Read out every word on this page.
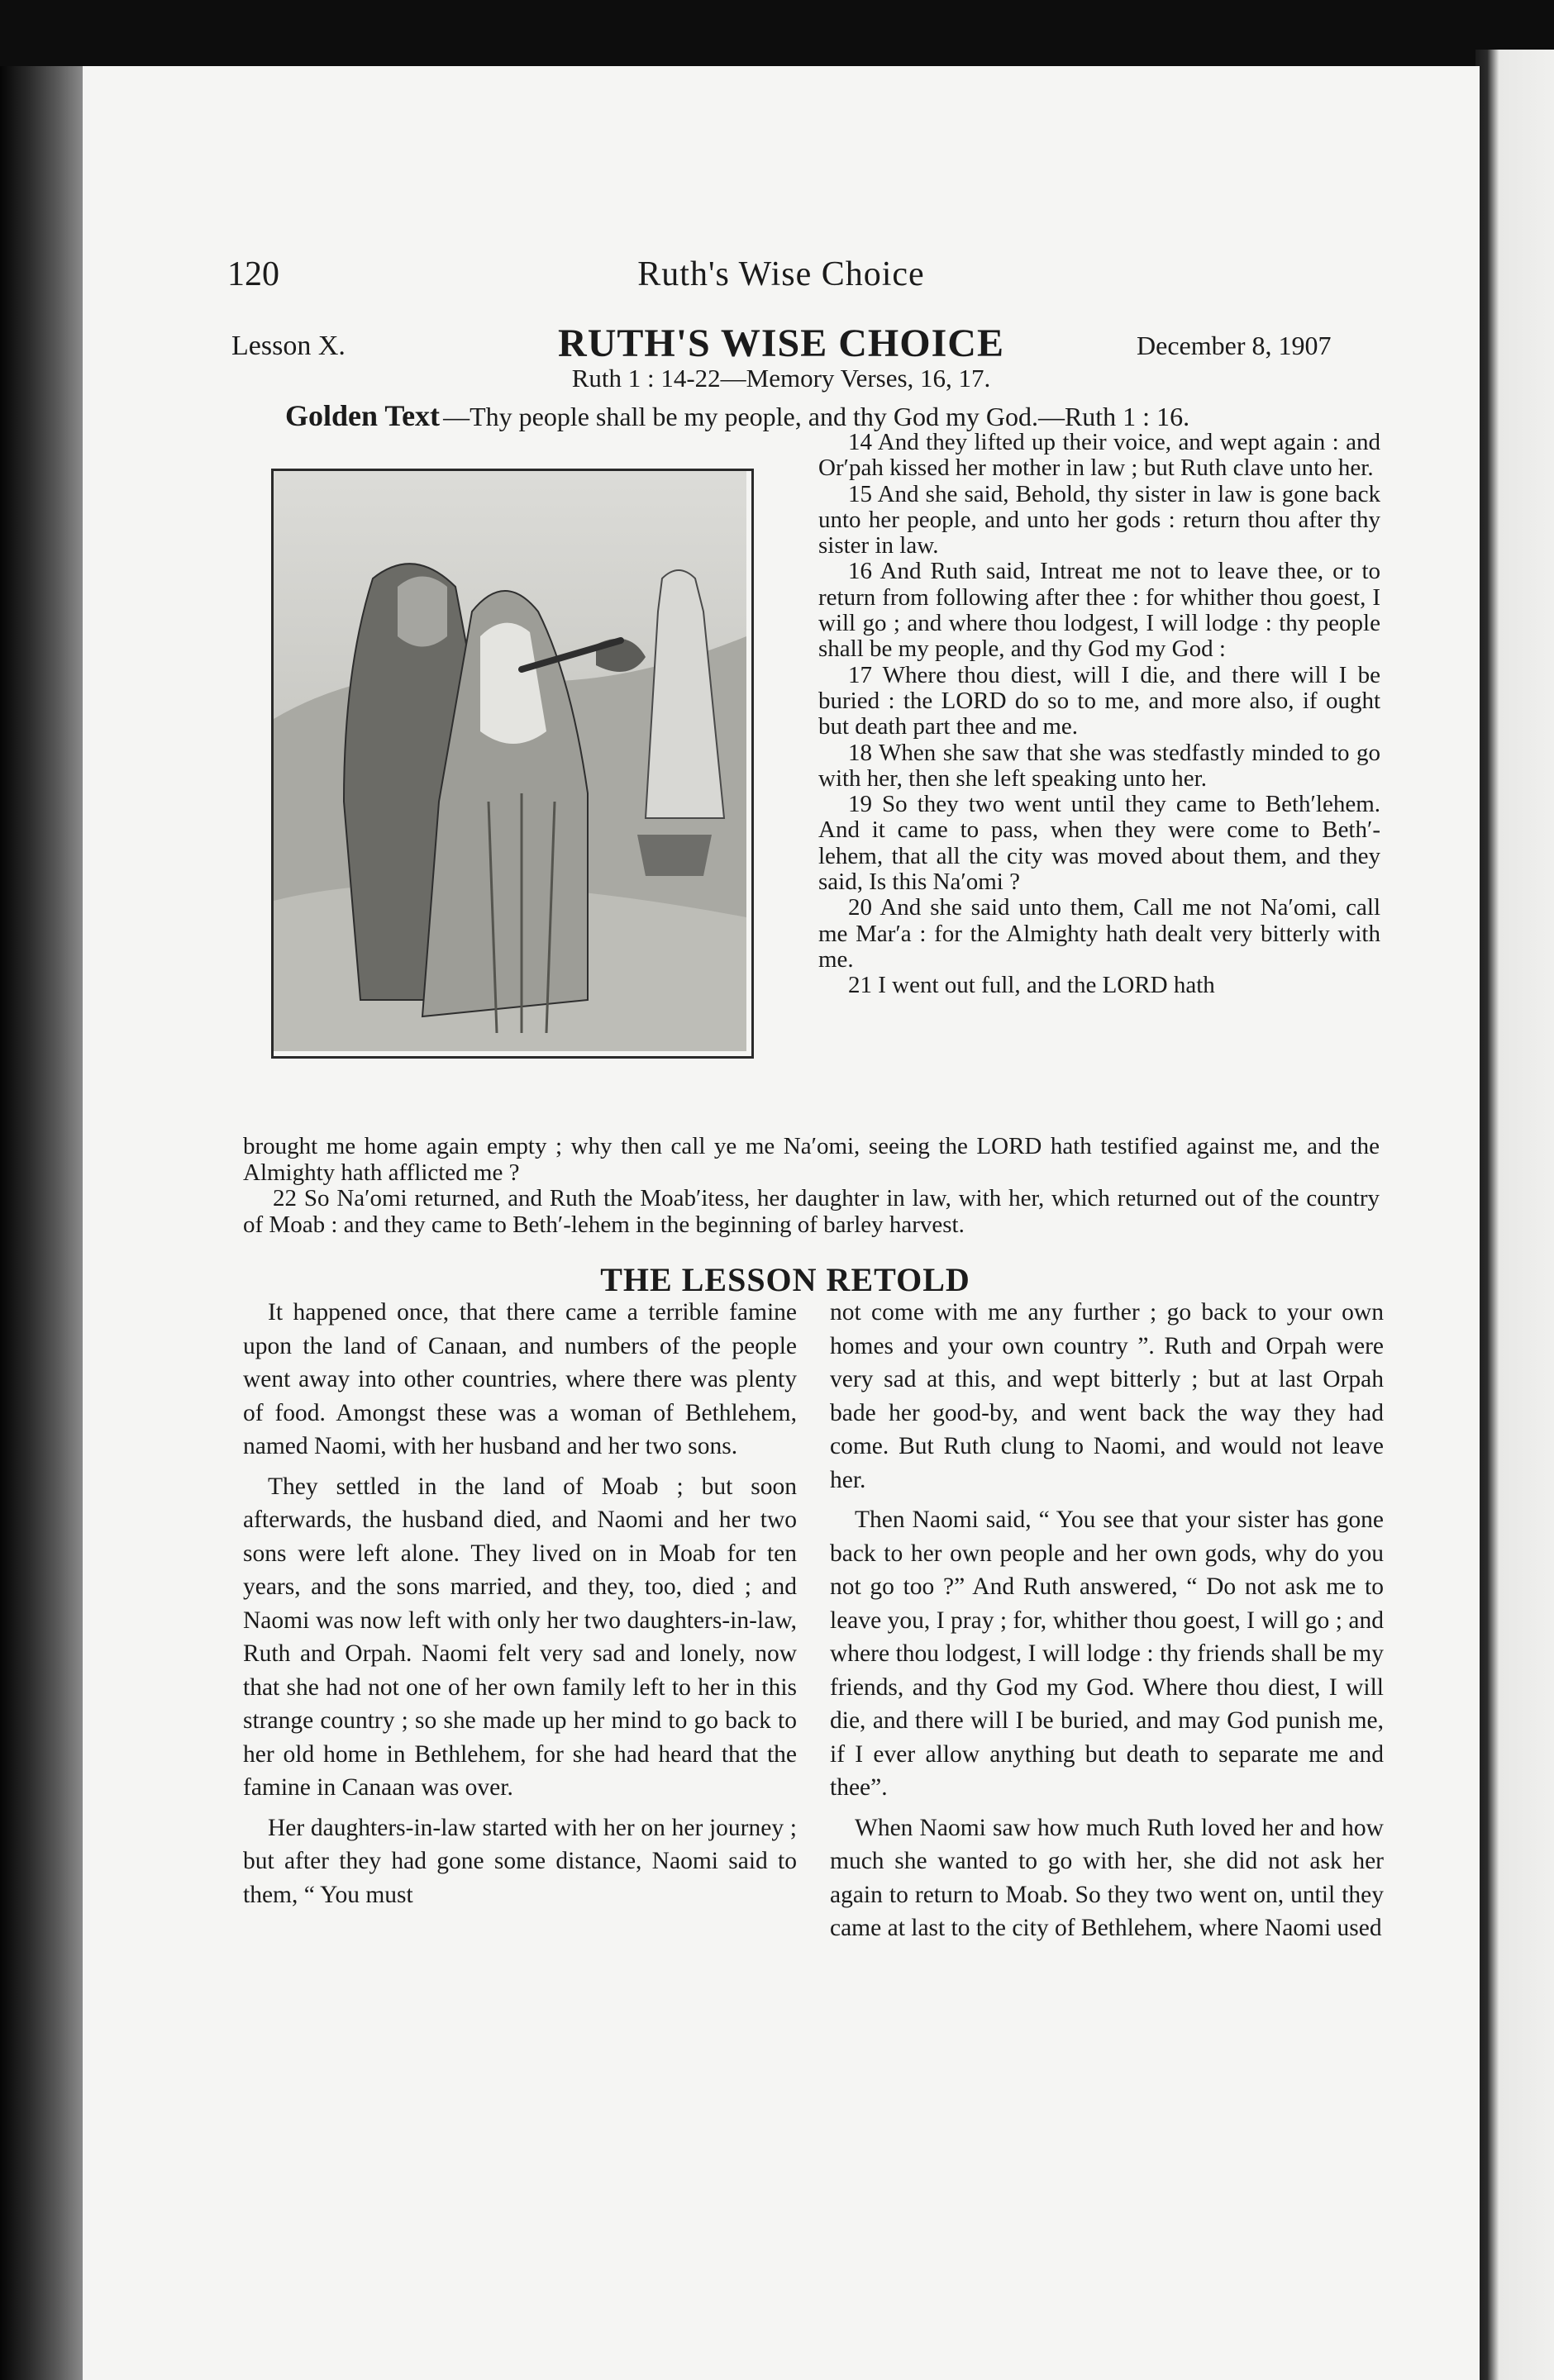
120	Ruth's Wise Choice
Lesson X.	RUTH'S WISE CHOICE	December 8, 1907
Ruth 1 : 14-22—Memory Verses, 16, 17.
Golden Text —Thy people shall be my people, and thy God my God.—Ruth 1 : 16.

14 And they lifted up their voice, and wept again : and Or′pah kissed her mother in law ; but Ruth clave unto her.

15 And she said, Behold, thy sister in law is gone back unto her people, and unto her gods : return thou after thy sister in law.

16 And Ruth said, Intreat me not to leave thee, or to return from following after thee : for whither thou goest, I will go ; and where thou lodgest, I will lodge : thy people shall be my people, and thy God my God :

17 Where thou diest, will I die, and there will I be buried : the LORD do so to me, and more also, if ought but death part thee and me.

18 When she saw that she was stedfastly minded to go with her, then she left speaking unto her.

19 So they two went until they came to Beth′lehem. And it came to pass, when they were come to Beth′-lehem, that all the city was moved about them, and they said, Is this Na′omi ?

20 And she said unto them, Call me not Na′omi, call me Mar′a : for the Almighty hath dealt very bitterly with me.

21 I went out full, and the LORD hath

brought me home again empty ; why then call ye me Na′omi, seeing the LORD hath testified against me, and the Almighty hath afflicted me ?

22 So Na′omi returned, and Ruth the Moab′itess, her daughter in law, with her, which returned out of the country of Moab : and they came to Beth′-lehem in the beginning of barley harvest.

THE LESSON RETOLD

It happened once, that there came a terrible famine upon the land of Canaan, and numbers of the people went away into other countries, where there was plenty of food. Amongst these was a woman of Bethlehem, named Naomi, with her husband and her two sons.

They settled in the land of Moab ; but soon afterwards, the husband died, and Naomi and her two sons were left alone. They lived on in Moab for ten years, and the sons married, and they, too, died ; and Naomi was now left with only her two daughters-in-law, Ruth and Orpah. Naomi felt very sad and lonely, now that she had not one of her own family left to her in this strange country ; so she made up her mind to go back to her old home in Bethlehem, for she had heard that the famine in Canaan was over.

Her daughters-in-law started with her on her journey ; but after they had gone some distance, Naomi said to them, “ You must

not come with me any further ; go back to your own homes and your own country ”. Ruth and Orpah were very sad at this, and wept bitterly ; but at last Orpah bade her good-by, and went back the way they had come. But Ruth clung to Naomi, and would not leave her.

Then Naomi said, “ You see that your sister has gone back to her own people and her own gods, why do you not go too ?” And Ruth answered, “ Do not ask me to leave you, I pray ; for, whither thou goest, I will go ; and where thou lodgest, I will lodge : thy friends shall be my friends, and thy God my God. Where thou diest, I will die, and there will I be buried, and may God punish me, if I ever allow anything but death to separate me and thee”.

When Naomi saw how much Ruth loved her and how much she wanted to go with her, she did not ask her again to return to Moab. So they two went on, until they came at last to the city of Bethlehem, where Naomi used
